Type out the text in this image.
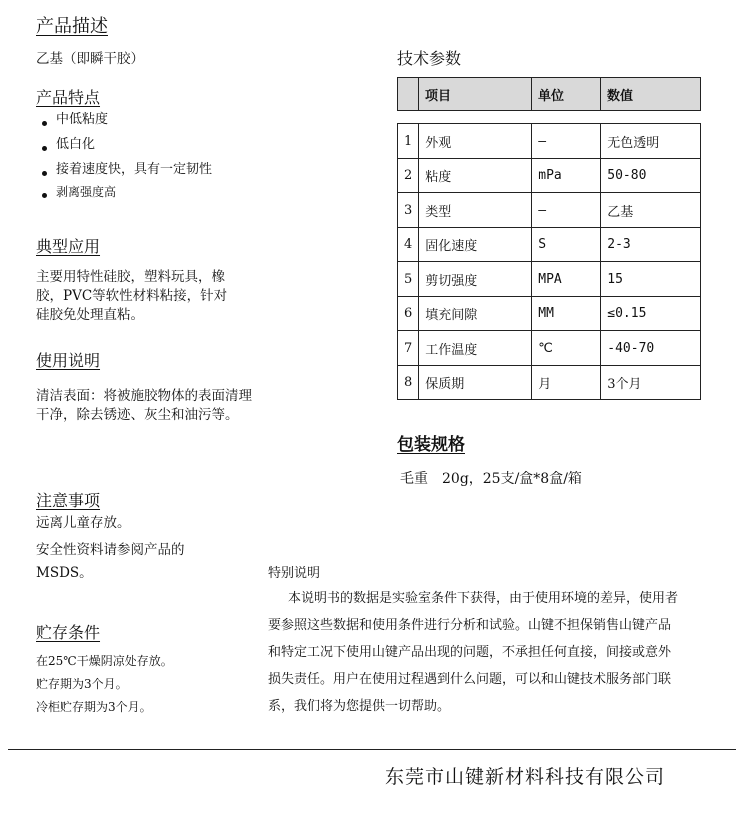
产品描述
乙基（即瞬干胶）
产品特点
中低粘度
低白化
接着速度快，具有一定韧性
剥离强度高
典型应用
主要用特性硅胶，塑料玩具，橡
胶，PVC等软性材料粘接，针对
硅胶免处理直粘。
使用说明
清洁表面：将被施胶物体的表面清理
干净，除去锈迹、灰尘和油污等。
注意事项
远离儿童存放。
安全性资料请参阅产品的
MSDS。
贮存条件
在25℃干燥阴凉处存放。
贮存期为3个月。
冷柜贮存期为3个月。
技术参数
	项目	单位	数值
1	外观	—	无色透明
2	粘度	mPa	50-80
3	类型	—	乙基
4	固化速度	S	2-3
5	剪切强度	MPA	15
6	填充间隙	MM	≤0.15
7	工作温度	℃	-40-70
8	保质期	月	3个月
包装规格
毛重　20g，25支/盒*8盒/箱
特别说明
本说明书的数据是实验室条件下获得，由于使用环境的差异，使用者
要参照这些数据和使用条件进行分析和试验。山键不担保销售山键产品
和特定工况下使用山键产品出现的问题，不承担任何直接，间接或意外
损失责任。用户在使用过程遇到什么问题，可以和山键技术服务部门联
系，我们将为您提供一切帮助。
东莞市山键新材料科技有限公司
